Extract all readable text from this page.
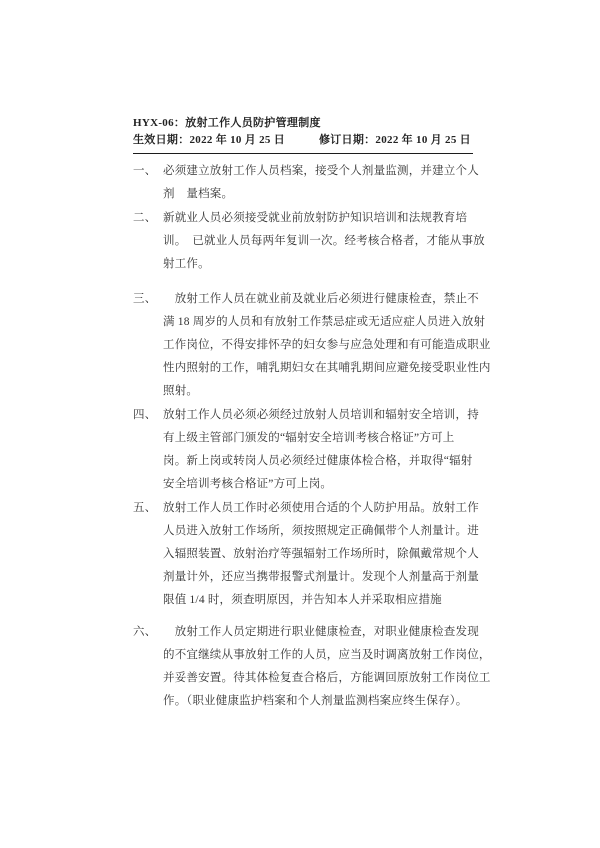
HYX-06：放射工作人员防护管理制度
生效日期：2022 年 10 月 25 日	修订日期：2022 年 10 月 25 日
一、 必须建立放射工作人员档案，接受个人剂量监测，并建立个人
剂　量档案。
二、 新就业人员必须接受就业前放射防护知识培训和法规教育培
训。　已就业人员每两年复训一次。经考核合格者，才能从事放
射工作。
三、 　放射工作人员在就业前及就业后必须进行健康检查，禁止不
满 18 周岁的人员和有放射工作禁忌症或无适应症人员进入放射
工作岗位，不得安排怀孕的妇女参与应急处理和有可能造成职业
性内照射的工作，哺乳期妇女在其哺乳期间应避免接受职业性内
照射。
四、 放射工作人员必须必须经过放射人员培训和辐射安全培训，持
有上级主管部门颁发的“辐射安全培训考核合格证”方可上
岗。新上岗或转岗人员必须经过健康体检合格，并取得“辐射
安全培训考核合格证”方可上岗。
五、 放射工作人员工作时必须使用合适的个人防护用品。放射工作
人员进入放射工作场所，须按照规定正确佩带个人剂量计。进
入辐照装置、放射治疗等强辐射工作场所时，除佩戴常规个人
剂量计外，还应当携带报警式剂量计。发现个人剂量高于剂量
限值 1/4 时，须查明原因，并告知本人并采取相应措施
六、 　放射工作人员定期进行职业健康检查，对职业健康检查发现
的不宜继续从事放射工作的人员，应当及时调离放射工作岗位，
并妥善安置。待其体检复查合格后，方能调回原放射工作岗位工
作。（职业健康监护档案和个人剂量监测档案应终生保存）。
